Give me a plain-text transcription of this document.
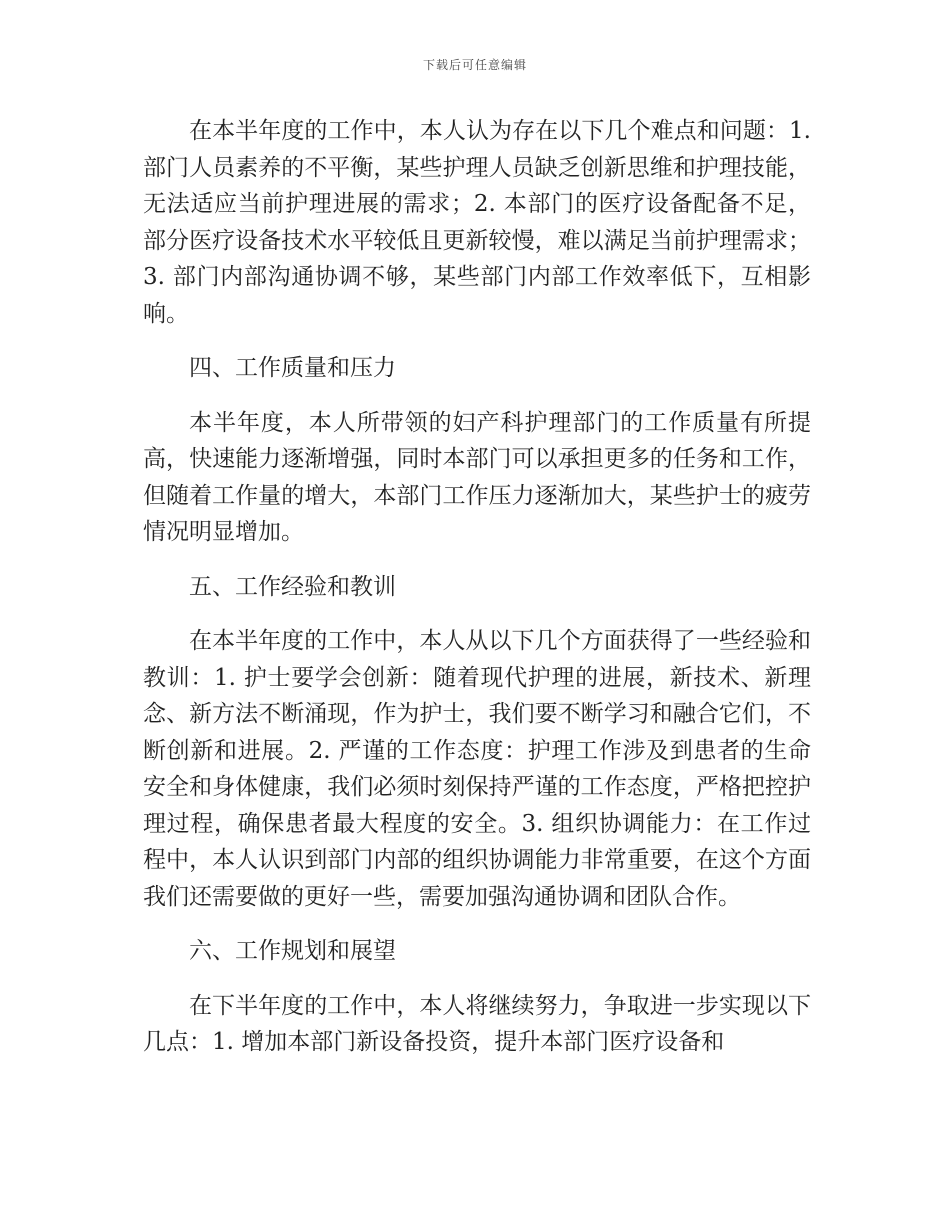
下载后可任意编辑

在本半年度的工作中，本人认为存在以下几个难点和问题：1. 部门人员素养的不平衡，某些护理人员缺乏创新思维和护理技能，无法适应当前护理进展的需求；2. 本部门的医疗设备配备不足，部分医疗设备技术水平较低且更新较慢，难以满足当前护理需求；3. 部门内部沟通协调不够，某些部门内部工作效率低下，互相影响。

四、工作质量和压力

本半年度，本人所带领的妇产科护理部门的工作质量有所提高，快速能力逐渐增强，同时本部门可以承担更多的任务和工作，但随着工作量的增大，本部门工作压力逐渐加大，某些护士的疲劳情况明显增加。

五、工作经验和教训

在本半年度的工作中，本人从以下几个方面获得了一些经验和教训：1. 护士要学会创新：随着现代护理的进展，新技术、新理念、新方法不断涌现，作为护士，我们要不断学习和融合它们，不断创新和进展。2. 严谨的工作态度：护理工作涉及到患者的生命安全和身体健康，我们必须时刻保持严谨的工作态度，严格把控护理过程，确保患者最大程度的安全。3. 组织协调能力：在工作过程中，本人认识到部门内部的组织协调能力非常重要，在这个方面我们还需要做的更好一些，需要加强沟通协调和团队合作。

六、工作规划和展望

在下半年度的工作中，本人将继续努力，争取进一步实现以下几点：1. 增加本部门新设备投资，提升本部门医疗设备和
